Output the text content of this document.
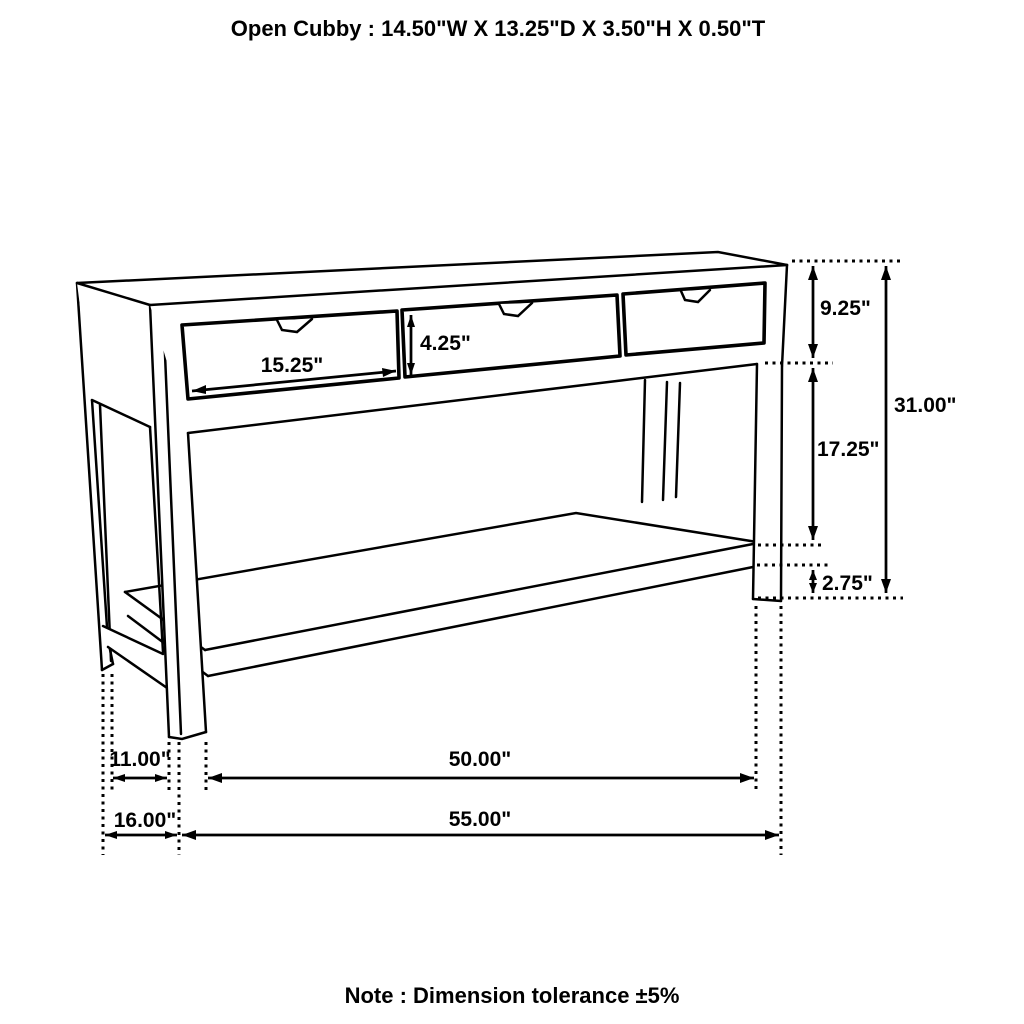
Open Cubby : 14.50"W X 13.25"D X 3.50"H X 0.50"T
9.25"
31.00"
17.25"
2.75"
15.25"
4.25"
11.00"	50.00"
16.00"	55.00"
Note : Dimension tolerance ±5%
